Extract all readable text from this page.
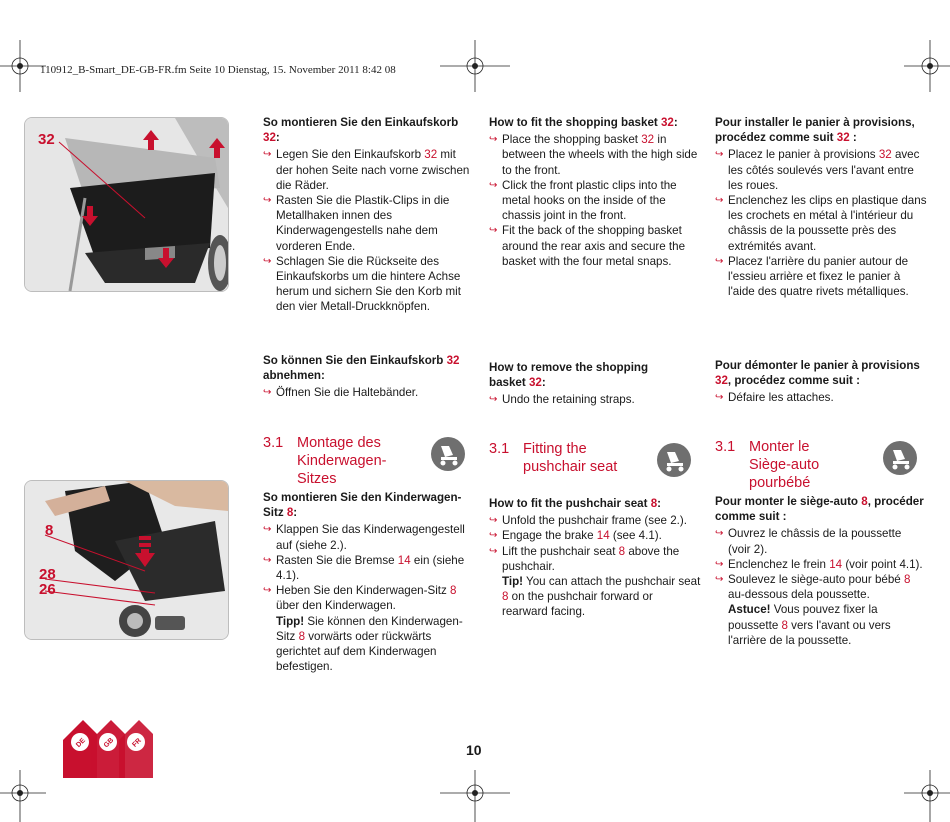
110912_B-Smart_DE-GB-FR.fm Seite 10 Dienstag, 15. November 2011 8:42 08
32
8
28
26

So montieren Sie den Einkaufskorb
32:

↪ Legen Sie den Einkaufskorb 32 mit der hohen Seite nach vorne zwischen die Räder.
↪ Rasten Sie die Plastik-Clips in die Metallhaken innen des Kinderwagengestells nahe dem vorderen Ende.
↪ Schlagen Sie die Rückseite des Einkaufskorbs um die hintere Achse herum und sichern Sie den Korb mit den vier Metall-Druckknöpfen.

So können Sie den Einkaufskorb 32 abnehmen:

↪ Öffnen Sie die Haltebänder.
3.1 Montage des Kinderwagen-Sitzes

So montieren Sie den Kinderwagen-Sitz 8:

↪ Klappen Sie das Kinderwagengestell auf (siehe 2.).
↪ Rasten Sie die Bremse 14 ein (siehe 4.1).
↪ Heben Sie den Kinderwagen-Sitz 8 über den Kinderwagen.
Tipp! Sie können den Kinderwagen-Sitz 8 vorwärts oder rückwärts gerichtet auf dem Kinderwagen befestigen.

How to fit the shopping basket 32:

↪ Place the shopping basket 32 in between the wheels with the high side to the front.
↪ Click the front plastic clips into the metal hooks on the inside of the chassis joint in the front.
↪ Fit the back of the shopping basket around the rear axis and secure the basket with the four metal snaps.

How to remove the shopping basket 32:

↪ Undo the retaining straps.
3.1 Fitting the pushchair seat

How to fit the pushchair seat 8:

↪ Unfold the pushchair frame (see 2.).
↪ Engage the brake 14 (see 4.1).
↪ Lift the pushchair seat 8 above the pushchair.
Tip! You can attach the pushchair seat 8 on the pushchair forward or rearward facing.

Pour installer le panier à provisions, procédez comme suit 32 :

↪ Placez le panier à provisions 32 avec les côtés soulevés vers l'avant entre les roues.
↪ Enclenchez les clips en plastique dans les crochets en métal à l'intérieur du châssis de la poussette près des extrémités avant.
↪ Placez l'arrière du panier autour de l'essieu arrière et fixez le panier à l'aide des quatre rivets métalliques.

Pour démonter le panier à provisions
32, procédez comme suit :

↪ Défaire les attaches.
3.1 Monter le Siège-auto pourbébé

Pour monter le siège-auto 8, procéder comme suit :

↪ Ouvrez le châssis de la poussette (voir 2).
↪ Enclenchez le frein 14 (voir point 4.1).
↪ Soulevez le siège-auto pour bébé 8 au-dessous dela poussette.
Astuce! Vous pouvez fixer la poussette 8 vers l'avant ou vers l'arrière de la poussette.
DE GB FR	10
